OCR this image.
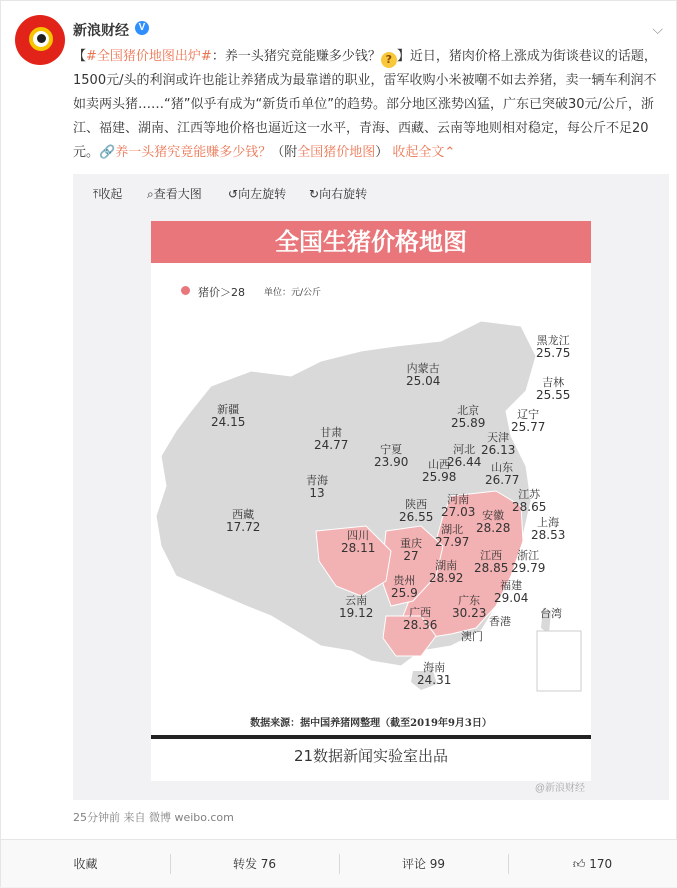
新浪财经 V	⌵
【#全国猪价地图出炉#：养一头猪究竟能赚多少钱？ ? 】近日，猪肉价格上涨成为街谈巷议的话题，1500元/头的利润或许也能让养猪成为最靠谱的职业，雷军收购小米被嘲不如去养猪，卖一辆车利润不如卖两头猪……“猪”似乎有成为“新货币单位”的趋势。部分地区涨势凶猛，广东已突破30元/公斤，浙江、福建、湖南、江西等地价格也逼近这一水平，青海、西藏、云南等地则相对稳定，每公斤不足20元。🔗养一头猪究竟能赚多少钱？（附全国猪价地图） 收起全文⌃
⤒收起 ⌕查看大图 ↺向左旋转 ↻向右旋转
全国生猪价格地图
猪价＞28 单位：元/公斤
黑龙江
25.75
吉林
25.55
内蒙古
25.04
新疆
24.15
北京
25.89
辽宁
25.77
甘肃
24.77
天津
26.13
宁夏
23.90
河北
26.44
山西
25.98
山东
26.77
青海
13	江苏
28.65
陕西
26.55
河南
27.03 安徽
28.28	上海
28.53
西藏
17.72
四川
28.11
湖北
27.97
重庆
27	江西
28.85
浙江
29.79
湖南
28.92
贵州
25.9
福建
29.04
云南
19.12
广东
30.23
广西
28.36
台湾
香港
澳门
海南
24.31
数据来源：据中国养猪网整理（截至2019年9月3日）
21数据新闻实验室出品
@新浪财经
25分钟前 来自 微博 weibo.com
收藏	转发 76	评论 99	👍︎ 170
